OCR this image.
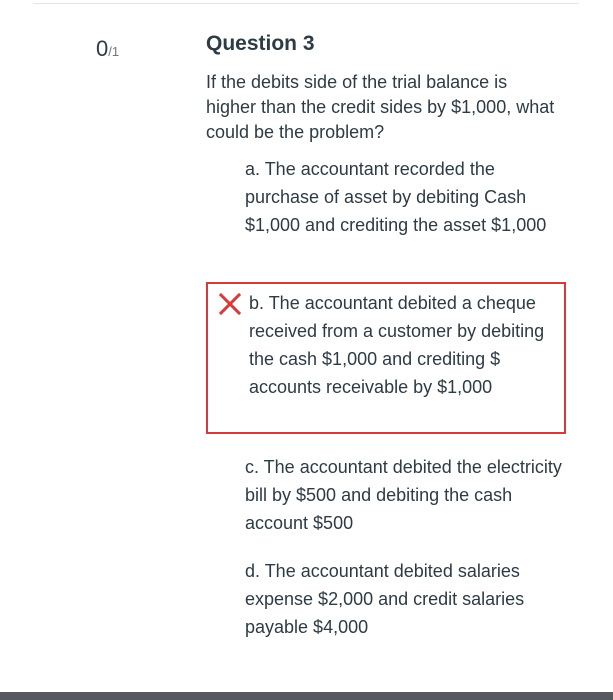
0/1	Question 3
If the debits side of the trial balance is higher than the credit sides by $1,000, what could be the problem?
a. The accountant recorded the purchase of asset by debiting Cash $1,000 and crediting the asset $1,000
b. The accountant debited a cheque received from a customer by debiting the cash $1,000 and crediting $ accounts receivable by $1,000
c. The accountant debited the electricity bill by $500 and debiting the cash account $500
d. The accountant debited salaries expense $2,000 and credit salaries payable $4,000
